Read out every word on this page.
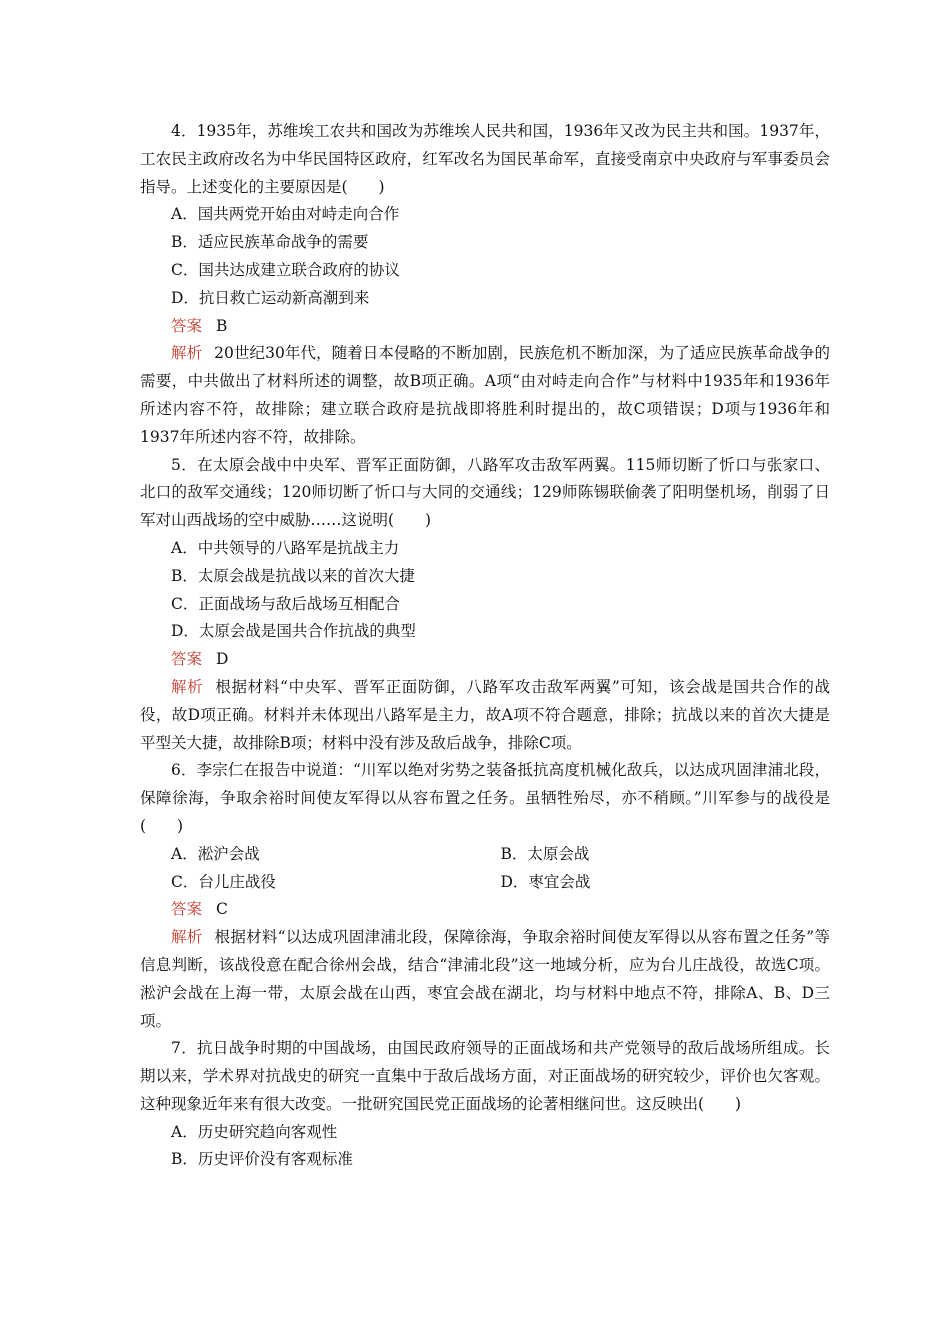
4．1935年，苏维埃工农共和国改为苏维埃人民共和国，1936年又改为民主共和国。1937年，工农民主政府改名为中华民国特区政府，红军改名为国民革命军，直接受南京中央政府与军事委员会指导。上述变化的主要原因是(　　)

A．国共两党开始由对峙走向合作

B．适应民族革命战争的需要

C．国共达成建立联合政府的协议

D．抗日救亡运动新高潮到来

答案 B

解析 20世纪30年代，随着日本侵略的不断加剧，民族危机不断加深，为了适应民族革命战争的需要，中共做出了材料所述的调整，故B项正确。A项“由对峙走向合作”与材料中1935年和1936年所述内容不符，故排除；建立联合政府是抗战即将胜利时提出的，故C项错误；D项与1936年和1937年所述内容不符，故排除。

5．在太原会战中中央军、晋军正面防御，八路军攻击敌军两翼。115师切断了忻口与张家口、北口的敌军交通线；120师切断了忻口与大同的交通线；129师陈锡联偷袭了阳明堡机场，削弱了日军对山西战场的空中威胁……这说明(　　)

A．中共领导的八路军是抗战主力

B．太原会战是抗战以来的首次大捷

C．正面战场与敌后战场互相配合

D．太原会战是国共合作抗战的典型

答案 D

解析 根据材料“中央军、晋军正面防御，八路军攻击敌军两翼”可知，该会战是国共合作的战役，故D项正确。材料并未体现出八路军是主力，故A项不符合题意，排除；抗战以来的首次大捷是平型关大捷，故排除B项；材料中没有涉及敌后战争，排除C项。

6．李宗仁在报告中说道：“川军以绝对劣势之装备抵抗高度机械化敌兵，以达成巩固津浦北段，保障徐海，争取余裕时间使友军得以从容布置之任务。虽牺牲殆尽，亦不稍顾。”川军参与的战役是(　　)

A．淞沪会战	B．太原会战
C．台儿庄战役	D．枣宜会战

答案 C

解析 根据材料“以达成巩固津浦北段，保障徐海，争取余裕时间使友军得以从容布置之任务”等信息判断，该战役意在配合徐州会战，结合“津浦北段”这一地域分析，应为台儿庄战役，故选C项。淞沪会战在上海一带，太原会战在山西，枣宜会战在湖北，均与材料中地点不符，排除A、B、D三项。

7．抗日战争时期的中国战场，由国民政府领导的正面战场和共产党领导的敌后战场所组成。长期以来，学术界对抗战史的研究一直集中于敌后战场方面，对正面战场的研究较少，评价也欠客观。这种现象近年来有很大改变。一批研究国民党正面战场的论著相继问世。这反映出(　　)

A．历史研究趋向客观性

B．历史评价没有客观标准
